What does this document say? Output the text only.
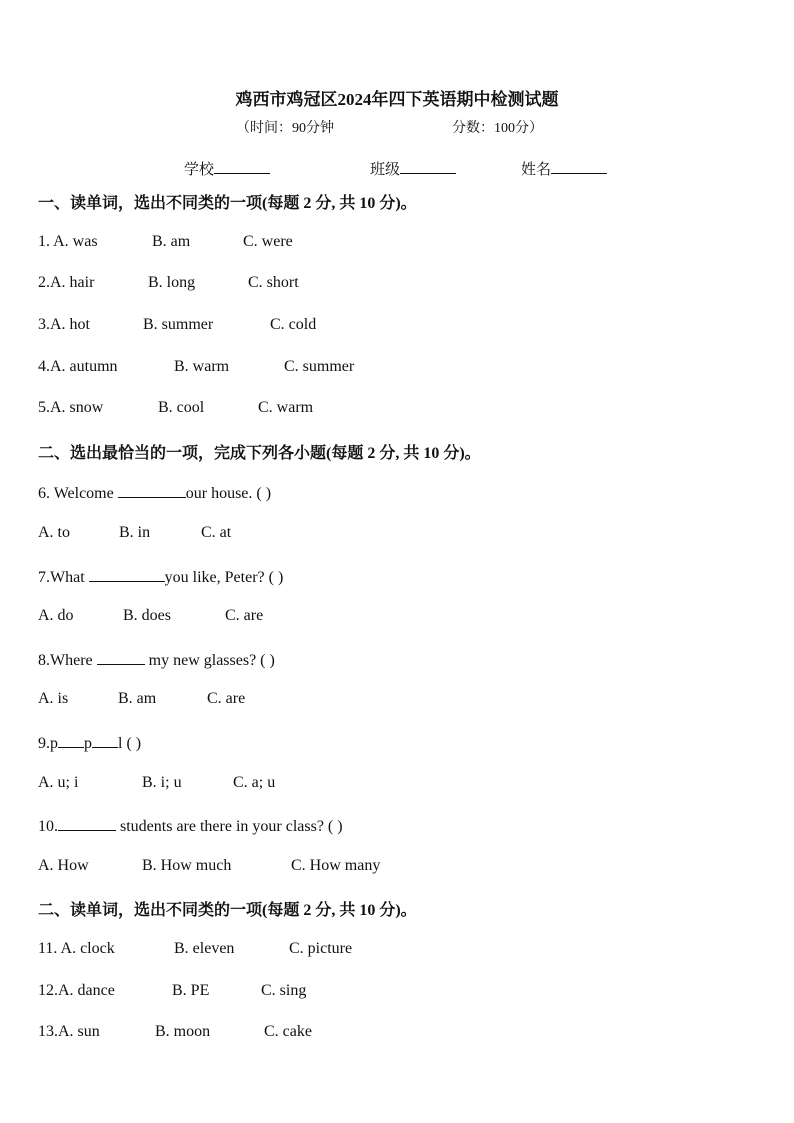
鸡西市鸡冠区2024年四下英语期中检测试题
（时间：90分钟	分数：100分）
学校	班级	姓名
一、读单词，选出不同类的一项(每题 2 分, 共 10 分)。
1. A. was	B. am	C. were
2.A. hair	B. long	C. short
3.A. hot	B. summer	C. cold
4.A. autumn	B. warm	C. summer
5.A. snow	B. cool	C. warm
二、选出最恰当的一项，完成下列各小题(每题 2 分, 共 10 分)。
6. Welcome	our house. ( )
A. to	B. in	C. at
7.What	you like, Peter? ( )
A. do	B. does	C. are
8.Where	my new glasses? ( )
A. is	B. am	C. are
9.p p l ( )
A. u; i	B. i; u	C. a; u
10.	students are there in your class? ( )
A. How	B. How much	C. How many
二、读单词，选出不同类的一项(每题 2 分, 共 10 分)。
11. A. clock	B. eleven	C. picture
12.A. dance	B. PE	C. sing
13.A. sun	B. moon	C. cake
